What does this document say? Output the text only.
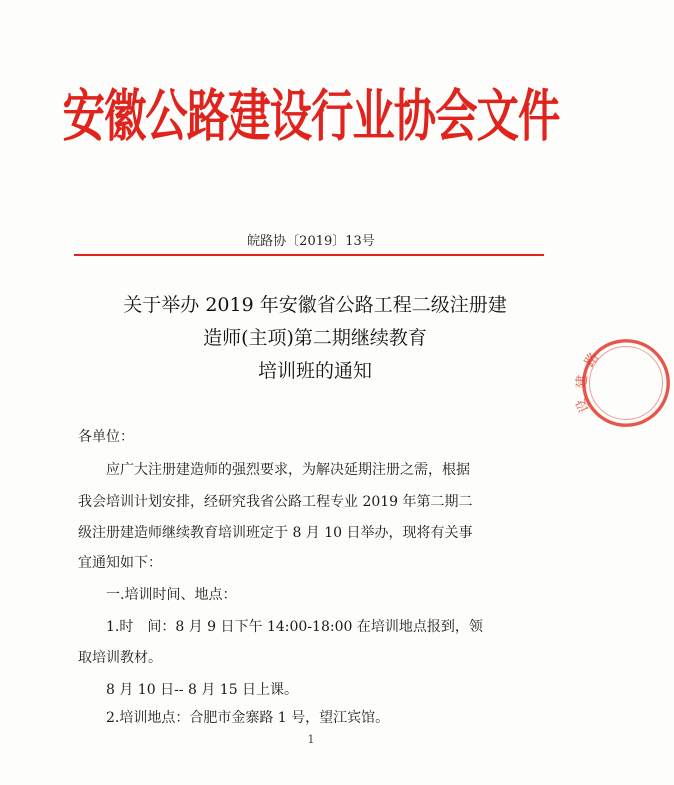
安徽公路建设行业协会文件
皖路协〔2019〕13号
关于举办 2019 年安徽省公路工程二级注册建
造师(主项)第二期继续教育
培训班的通知
各单位：
应广大注册建造师的强烈要求，为解决延期注册之需，根据
我会培训计划安排，经研究我省公路工程专业 2019 年第二期二
级注册建造师继续教育培训班定于 8 月 10 日举办，现将有关事
宜通知如下：
一.培训时间、地点：
1.时　间：8 月 9 日下午 14:00-18:00 在培训地点报到，领
取培训教材。
8 月 10 日-- 8 月 15 日上课。
2.培训地点：合肥市金寨路 1 号，望江宾馆。
1
路
建
设
